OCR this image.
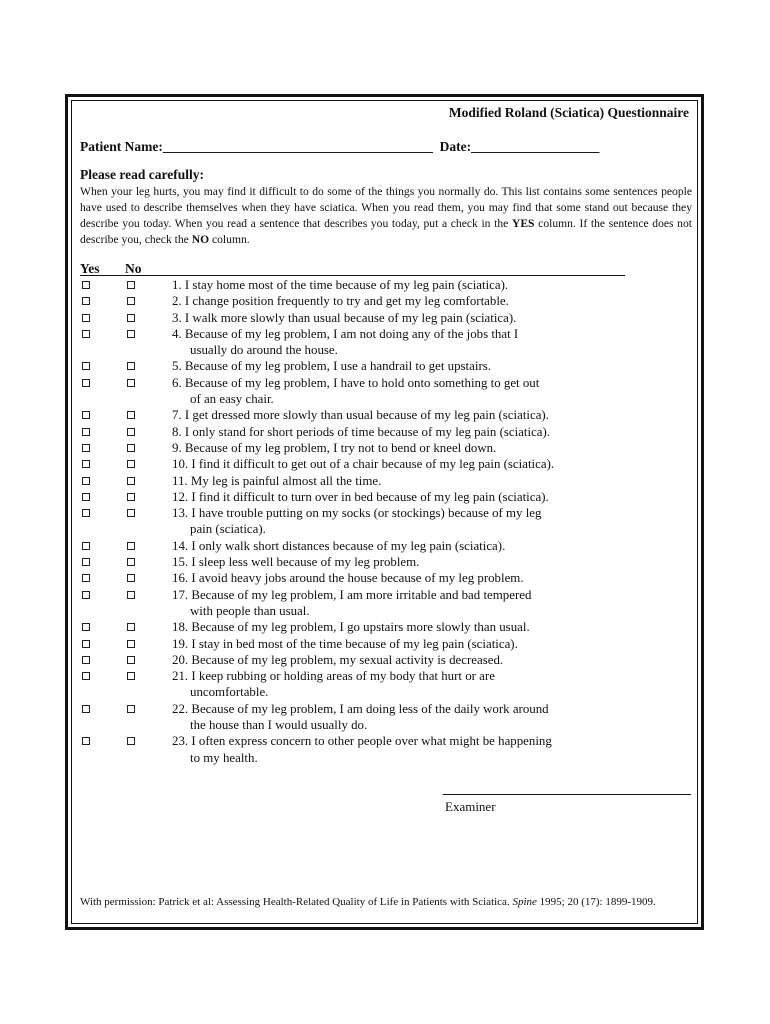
Modified Roland (Sciatica) Questionnaire
Patient Name:________________________________________  Date:___________________
Please read carefully:
When your leg hurts, you may find it difficult to do some of the things you normally do. This list contains some sentences people have used to describe themselves when they have sciatica. When you read them, you may find that some stand out because they describe you today. When you read a sentence that describes you today, put a check in the YES column. If the sentence does not describe you, check the NO column.
Yes No
1. I stay home most of the time because of my leg pain (sciatica).
2. I change position frequently to try and get my leg comfortable.
3. I walk more slowly than usual because of my leg pain (sciatica).
4. Because of my leg problem, I am not doing any of the jobs that I
usually do around the house.
5. Because of my leg problem, I use a handrail to get upstairs.
6. Because of my leg problem, I have to hold onto something to get out
of an easy chair.
7. I get dressed more slowly than usual because of my leg pain (sciatica).
8. I only stand for short periods of time because of my leg pain (sciatica).
9. Because of my leg problem, I try not to bend or kneel down.
10. I find it difficult to get out of a chair because of my leg pain (sciatica).
11. My leg is painful almost all the time.
12. I find it difficult to turn over in bed because of my leg pain (sciatica).
13. I have trouble putting on my socks (or stockings) because of my leg
pain (sciatica).
14. I only walk short distances because of my leg pain (sciatica).
15. I sleep less well because of my leg problem.
16. I avoid heavy jobs around the house because of my leg problem.
17. Because of my leg problem, I am more irritable and bad tempered
with people than usual.
18. Because of my leg problem, I go upstairs more slowly than usual.
19. I stay in bed most of the time because of my leg pain (sciatica).
20. Because of my leg problem, my sexual activity is decreased.
21. I keep rubbing or holding areas of my body that hurt or are
uncomfortable.
22. Because of my leg problem, I am doing less of the daily work around
the house than I would usually do.
23. I often express concern to other people over what might be happening
to my health.
Examiner
With permission: Patrick et al: Assessing Health-Related Quality of Life in Patients with Sciatica. Spine 1995; 20 (17): 1899-1909.
